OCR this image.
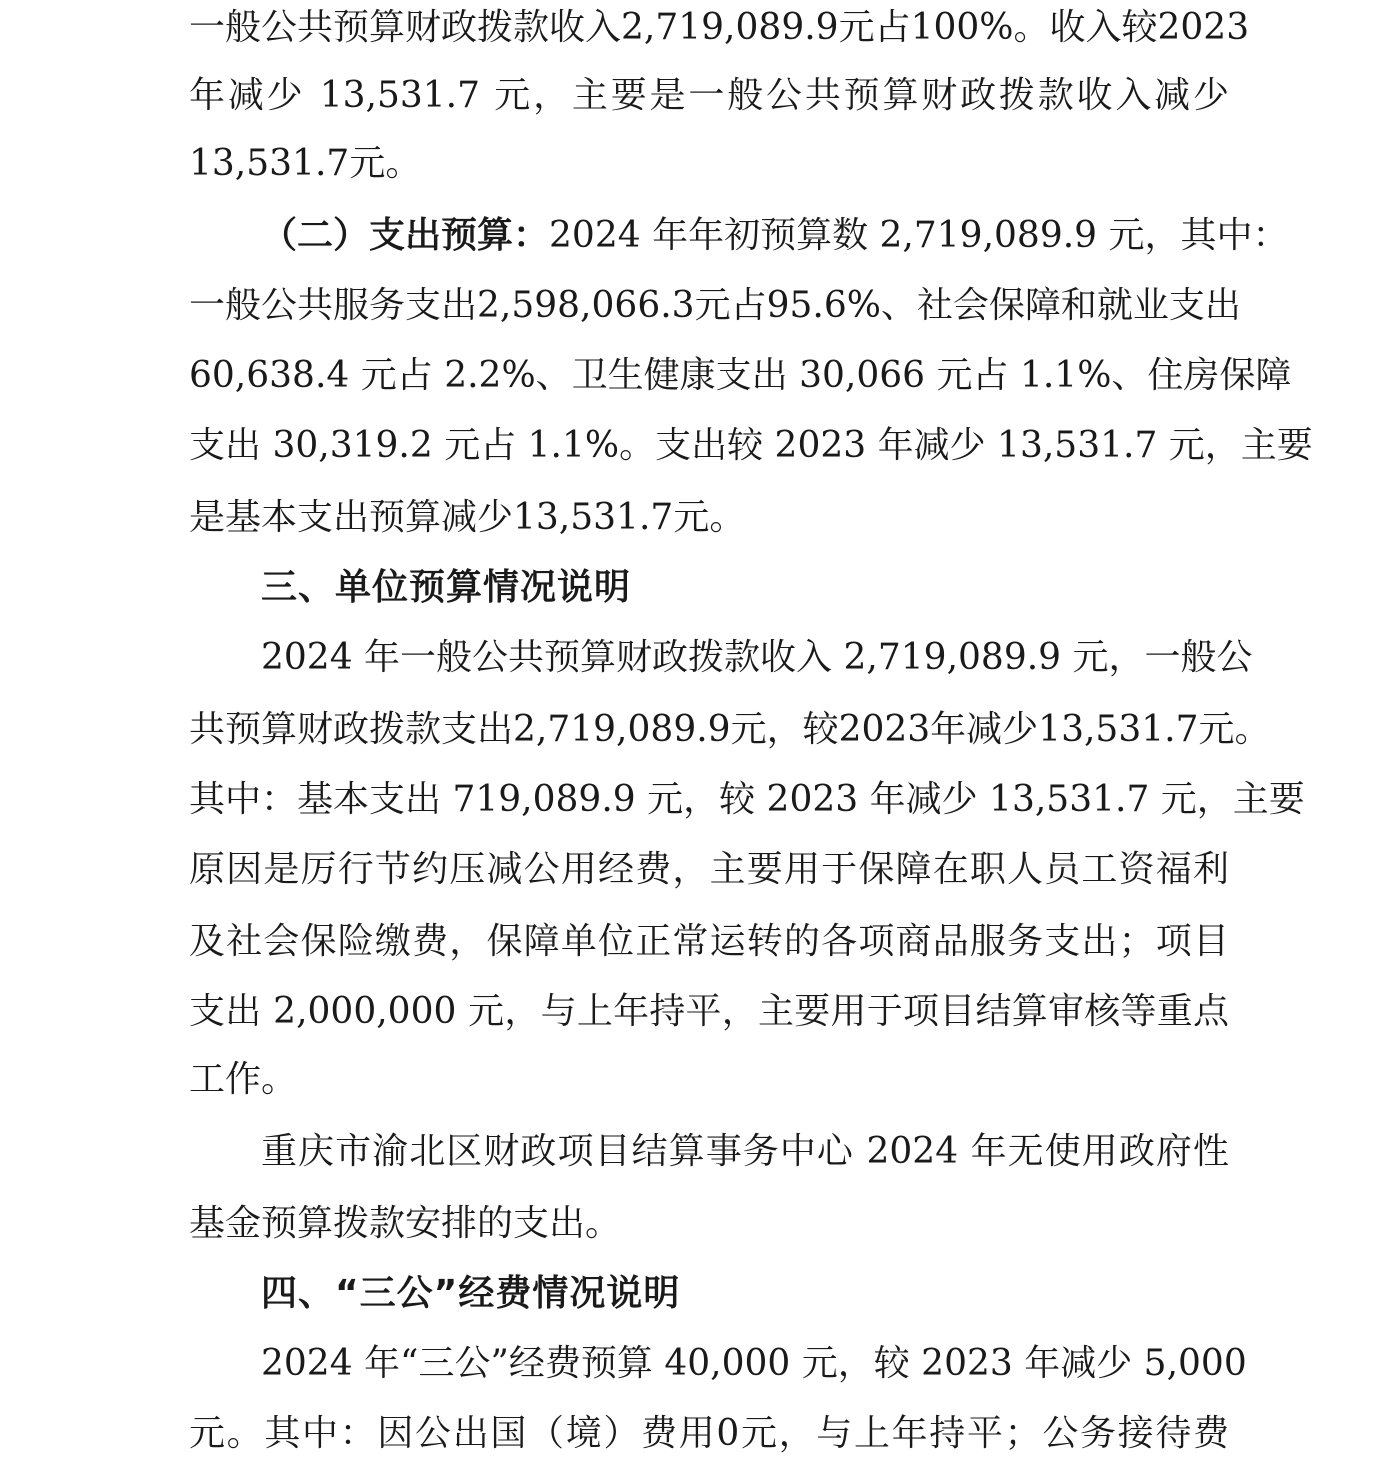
一般公共预算财政拨款收入2,719,089.9元占100%。收入较2023
年减少 13,531.7 元，主要是一般公共预算财政拨款收入减少
13,531.7元。
（二）支出预算：2024 年年初预算数 2,719,089.9 元，其中：
一般公共服务支出2,598,066.3元占95.6%、社会保障和就业支出
60,638.4 元占 2.2%、卫生健康支出 30,066 元占 1.1%、住房保障
支出 30,319.2 元占 1.1%。支出较 2023 年减少 13,531.7 元，主要
是基本支出预算减少13,531.7元。
三、单位预算情况说明
2024 年一般公共预算财政拨款收入 2,719,089.9 元，一般公
共预算财政拨款支出2,719,089.9元，较2023年减少13,531.7元。
其中：基本支出 719,089.9 元，较 2023 年减少 13,531.7 元，主要
原因是厉行节约压减公用经费，主要用于保障在职人员工资福利
及社会保险缴费，保障单位正常运转的各项商品服务支出；项目
支出 2,000,000 元，与上年持平，主要用于项目结算审核等重点
工作。
重庆市渝北区财政项目结算事务中心 2024 年无使用政府性
基金预算拨款安排的支出。
四、“三公”经费情况说明
2024 年“三公”经费预算 40,000 元，较 2023 年减少 5,000
元。其中：因公出国（境）费用0元，与上年持平；公务接待费
